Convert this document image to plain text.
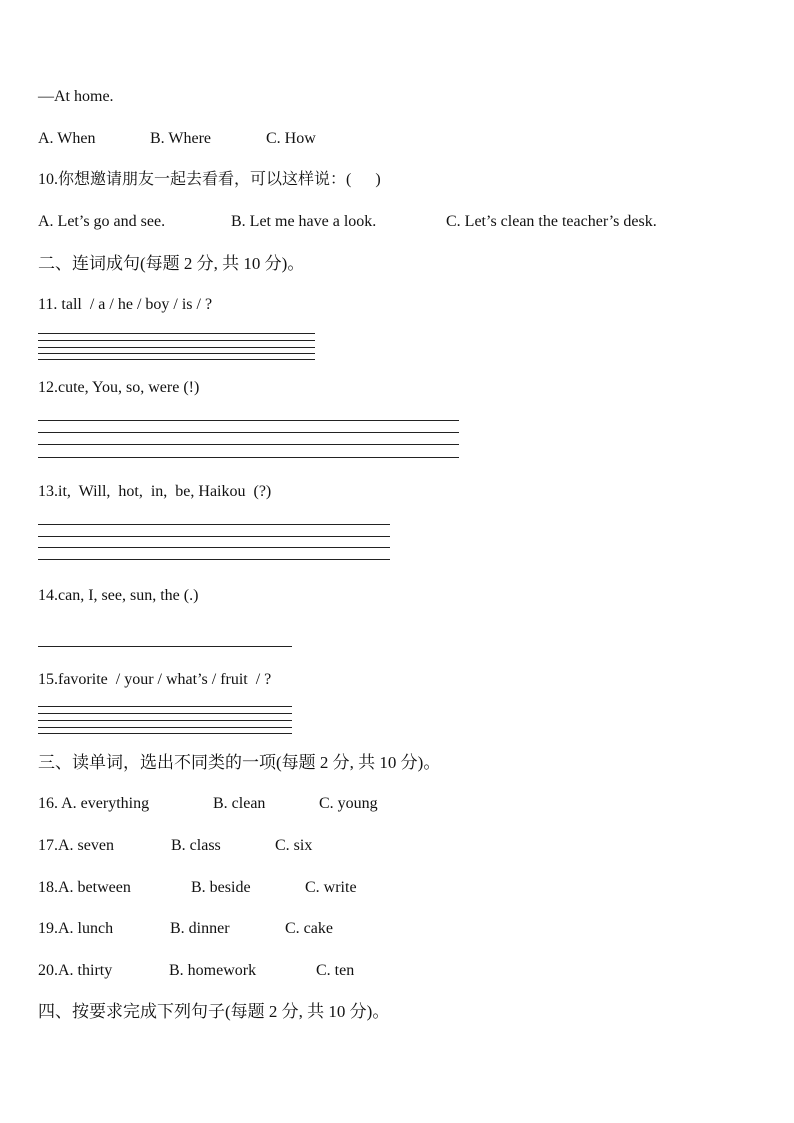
—At home.
A. When	B. Where	C. How
10.你想邀请朋友一起去看看，可以这样说：(      )
A. Let’s go and see.	B. Let me have a look.	C. Let’s clean the teacher’s desk.
二、连词成句(每题 2 分, 共 10 分)。
11. tall  / a / he / boy / is / ?
12.cute, You, so, were (!)
13.it,  Will,  hot,  in,  be, Haikou  (?)
14.can, I, see, sun, the (.)
15.favorite  / your / what’s / fruit  / ?
三、读单词，选出不同类的一项(每题 2 分, 共 10 分)。
16. A. everything	B. clean	C. young
17.A. seven	B. class	C. six
18.A. between	B. beside	C. write
19.A. lunch	B. dinner	C. cake
20.A. thirty	B. homework	C. ten
四、按要求完成下列句子(每题 2 分, 共 10 分)。
